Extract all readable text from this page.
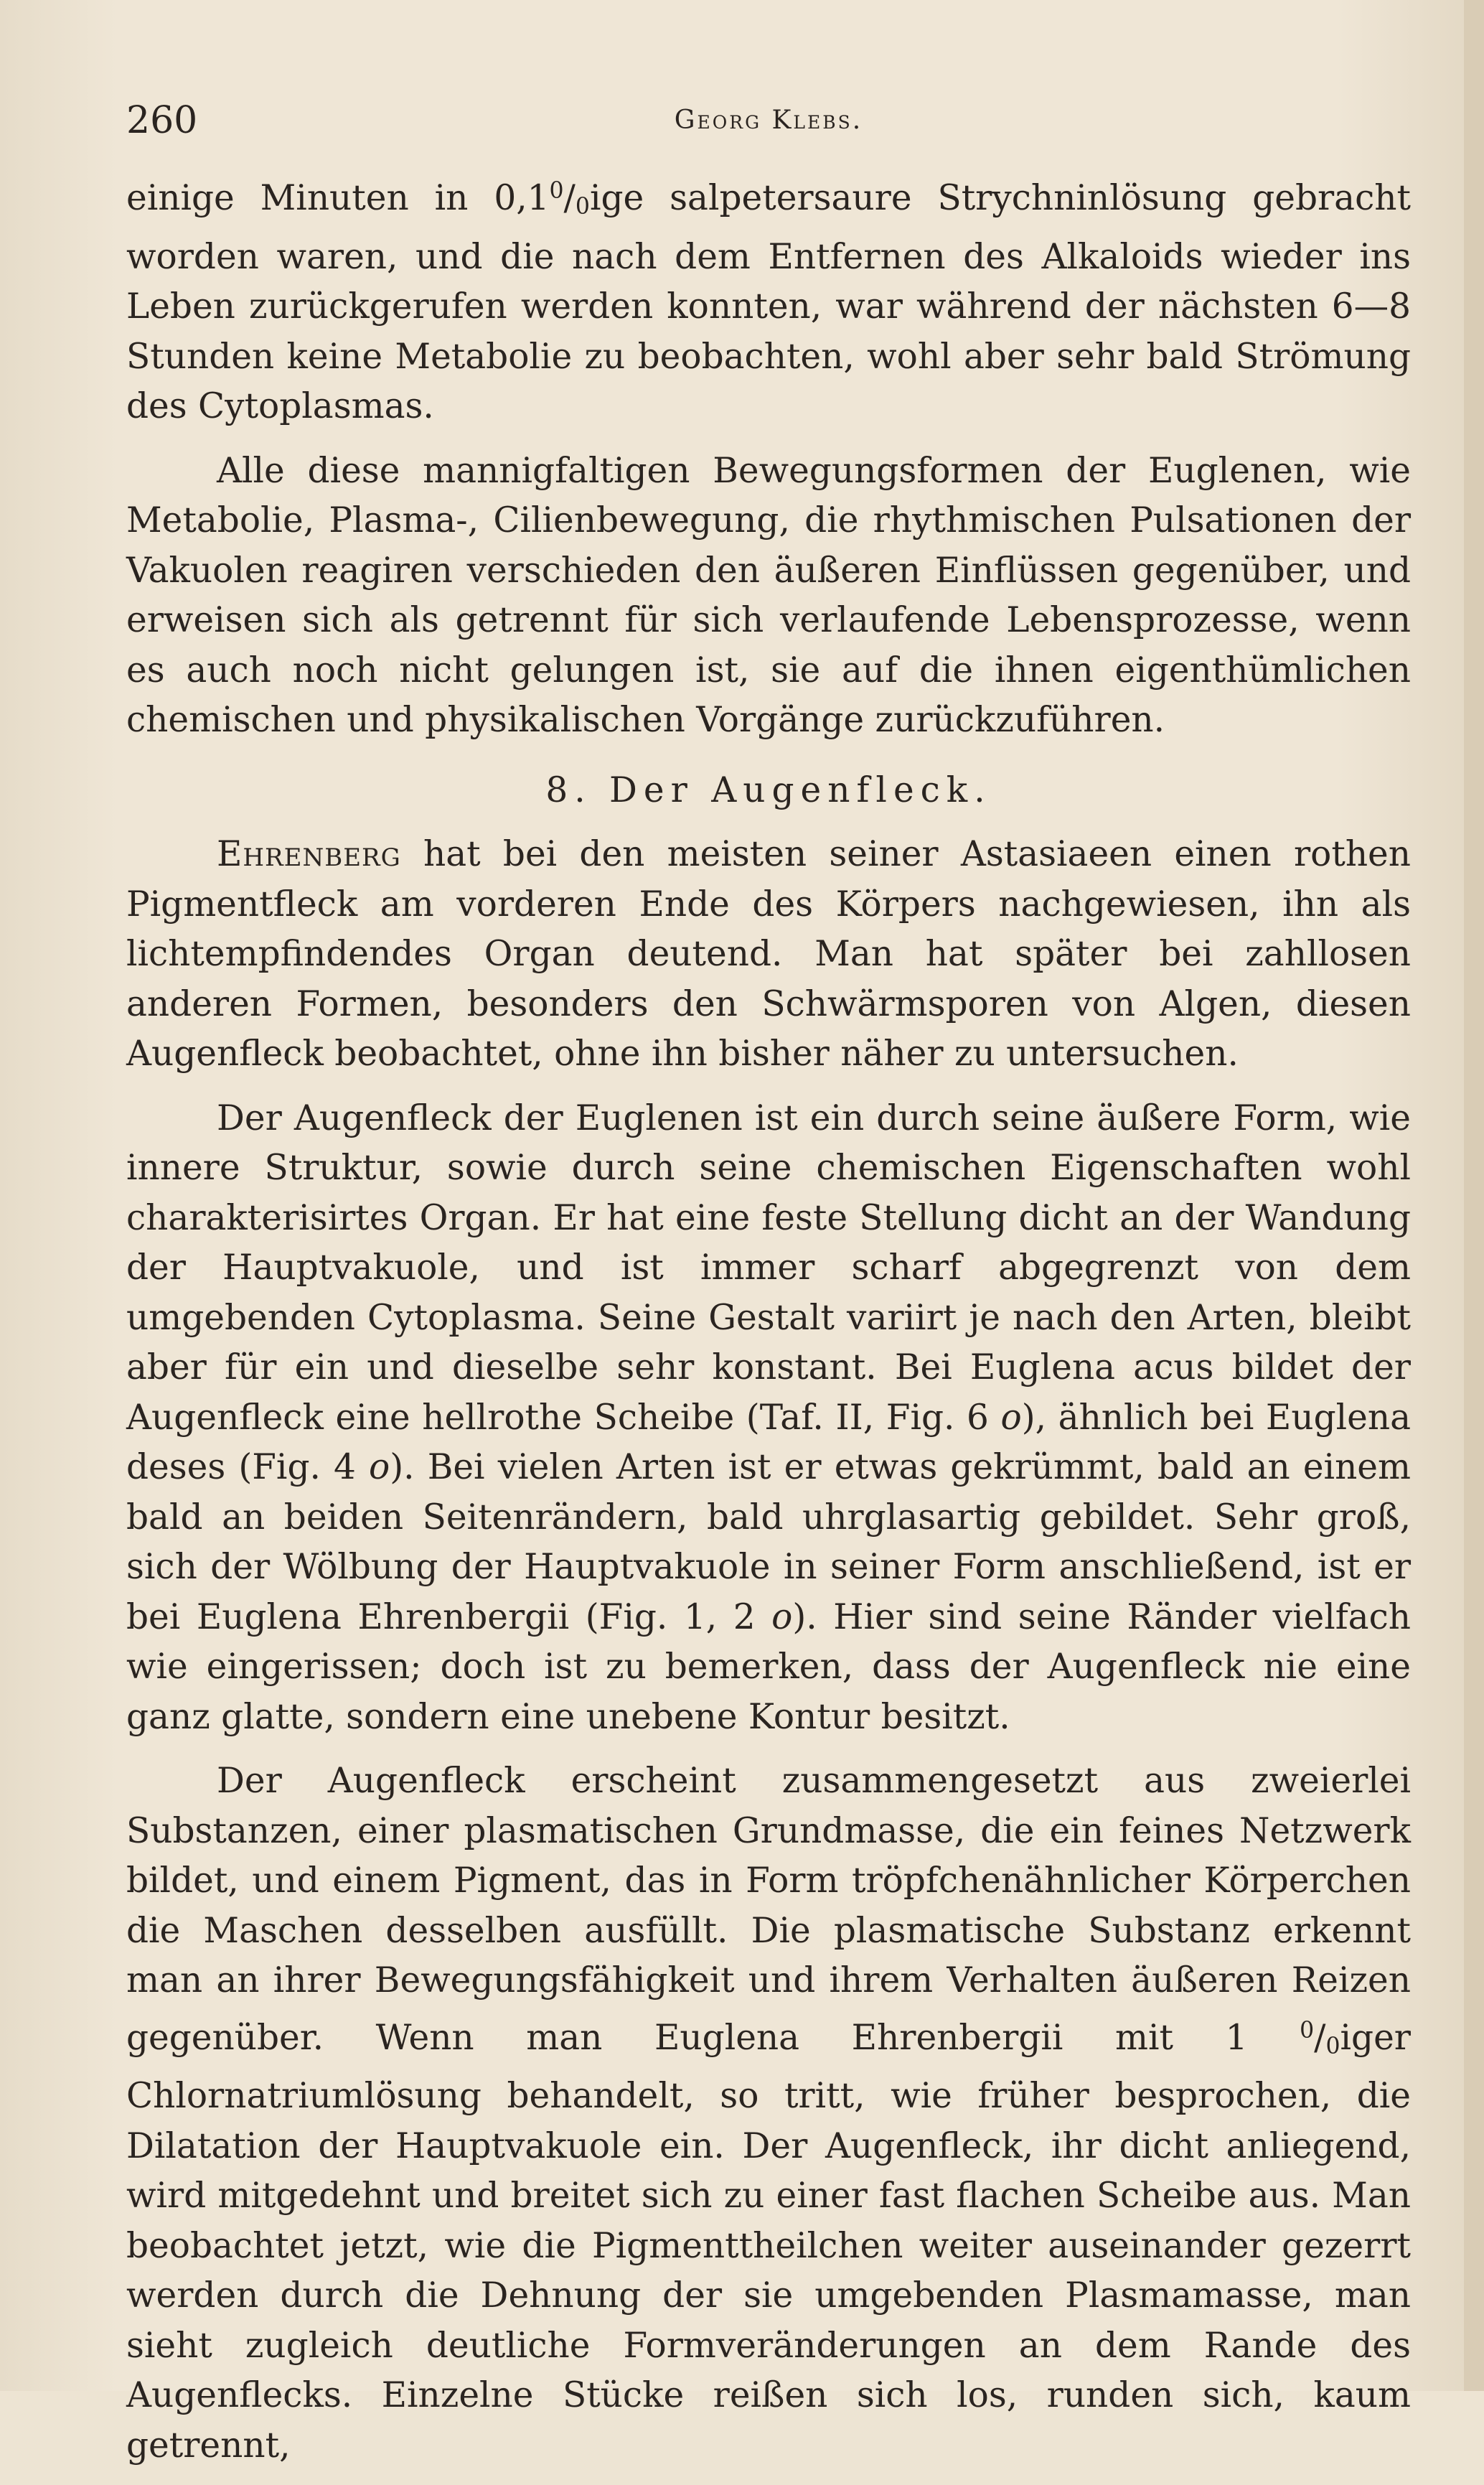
260	Georg Klebs.

einige Minuten in $0,1^0/_0ige$ salpetersaure Strychninlösung gebracht worden waren, und die nach dem Entfernen des Alkaloids wieder ins Leben zurückgerufen werden konnten, war während der nächsten 6—8 Stunden keine Metabolie zu beobachten, wohl aber sehr bald Strömung des Cytoplasmas.

Alle diese mannigfaltigen Bewegungsformen der Euglenen, wie Metabolie, Plasma-, Cilienbewegung, die rhythmischen Pulsationen der Vakuolen reagiren verschieden den äußeren Einflüssen gegenüber, und erweisen sich als getrennt für sich verlaufende Lebensprozesse, wenn es auch noch nicht gelungen ist, sie auf die ihnen eigenthümlichen chemischen und physikalischen Vorgänge zurückzuführen.

8. Der Augenfleck.

Ehrenberg hat bei den meisten seiner Astasiaeen einen rothen Pigmentfleck am vorderen Ende des Körpers nachgewiesen, ihn als lichtempfindendes Organ deutend. Man hat später bei zahllosen anderen Formen, besonders den Schwärmsporen von Algen, diesen Augenfleck beobachtet, ohne ihn bisher näher zu untersuchen.

Der Augenfleck der Euglenen ist ein durch seine äußere Form, wie innere Struktur, sowie durch seine chemischen Eigenschaften wohl charakterisirtes Organ. Er hat eine feste Stellung dicht an der Wandung der Hauptvakuole, und ist immer scharf abgegrenzt von dem umgebenden Cytoplasma. Seine Gestalt variirt je nach den Arten, bleibt aber für ein und dieselbe sehr konstant. Bei Euglena acus bildet der Augenfleck eine hellrothe Scheibe (Taf. II, Fig. 6 o), ähnlich bei Euglena deses (Fig. 4 o). Bei vielen Arten ist er etwas gekrümmt, bald an einem bald an beiden Seitenrändern, bald uhrglasartig gebildet. Sehr groß, sich der Wölbung der Hauptvakuole in seiner Form anschließend, ist er bei Euglena Ehrenbergii (Fig. 1, 2 o). Hier sind seine Ränder vielfach wie eingerissen; doch ist zu bemerken, dass der Augenfleck nie eine ganz glatte, sondern eine unebene Kontur besitzt.

Der Augenfleck erscheint zusammengesetzt aus zweierlei Substanzen, einer plasmatischen Grundmasse, die ein feines Netzwerk bildet, und einem Pigment, das in Form tröpfchenähnlicher Körperchen die Maschen desselben ausfüllt. Die plasmatische Substanz erkennt man an ihrer Bewegungsfähigkeit und ihrem Verhalten äußeren Reizen gegenüber. Wenn man Euglena Ehrenbergii mit 1 $^0/_0iger$ Chlornatriumlösung behandelt, so tritt, wie früher besprochen, die Dilatation der Hauptvakuole ein. Der Augenfleck, ihr dicht anliegend, wird mitgedehnt und breitet sich zu einer fast flachen Scheibe aus. Man beobachtet jetzt, wie die Pigmenttheilchen weiter auseinander gezerrt werden durch die Dehnung der sie umgebenden Plasmamasse, man sieht zugleich deutliche Formveränderungen an dem Rande des Augenflecks. Einzelne Stücke reißen sich los, runden sich, kaum getrennt,
